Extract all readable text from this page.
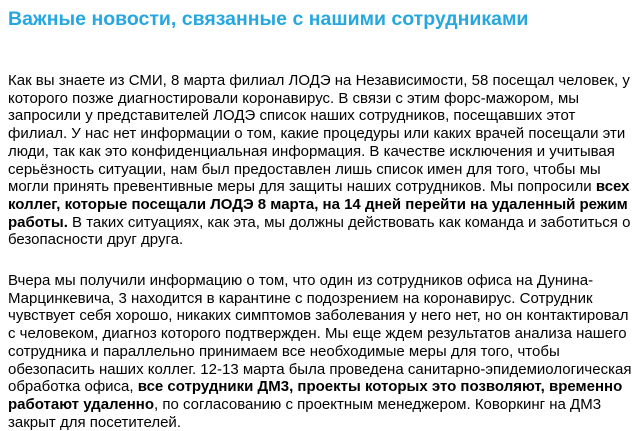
Важные новости, связанные с нашими сотрудниками

Как вы знаете из СМИ, 8 марта филиал ЛОДЭ на Независимости, 58 посещал человек, у которого позже диагностировали коронавирус. В связи с этим форс-мажором, мы запросили у представителей ЛОДЭ список наших сотрудников, посещавших этот филиал. У нас нет информации о том, какие процедуры или каких врачей посещали эти люди, так как это конфиденциальная информация. В качестве исключения и учитывая серьёзность ситуации, нам был предоставлен лишь список имен для того, чтобы мы могли принять превентивные меры для защиты наших сотрудников. Мы попросили всех коллег, которые посещали ЛОДЭ 8 марта, на 14 дней перейти на удаленный режим работы. В таких ситуациях, как эта, мы должны действовать как команда и заботиться о безопасности друг друга.

Вчера мы получили информацию о том, что один из сотрудников офиса на Дунина-Марцинкевича, 3 находится в карантине с подозрением на коронавирус. Сотрудник чувствует себя хорошо, никаких симптомов заболевания у него нет, но он контактировал с человеком, диагноз которого подтвержден. Мы еще ждем результатов анализа нашего сотрудника и параллельно принимаем все необходимые меры для того, чтобы обезопасить наших коллег. 12-13 марта была проведена санитарно-эпидемиологическая обработка офиса, все сотрудники ДМ3, проекты которых это позволяют, временно работают удаленно, по согласованию с проектным менеджером. Коворкинг на ДМ3 закрыт для посетителей.
